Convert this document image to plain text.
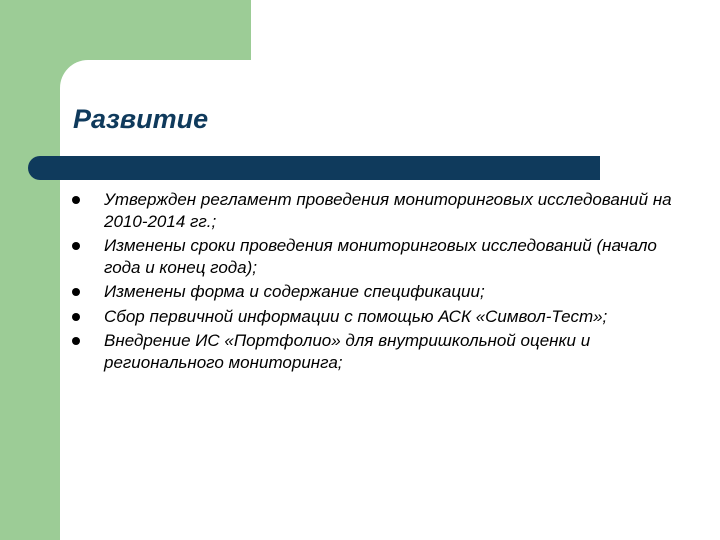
Развитие
Утвержден регламент проведения мониторинговых исследований на 2010-2014 гг.;
Изменены сроки проведения мониторинговых исследований (начало года и конец года);
Изменены форма и содержание спецификации;
Сбор первичной информации с помощью АСК «Символ-Тест»;
Внедрение ИС «Портфолио» для внутришкольной оценки и регионального мониторинга;
